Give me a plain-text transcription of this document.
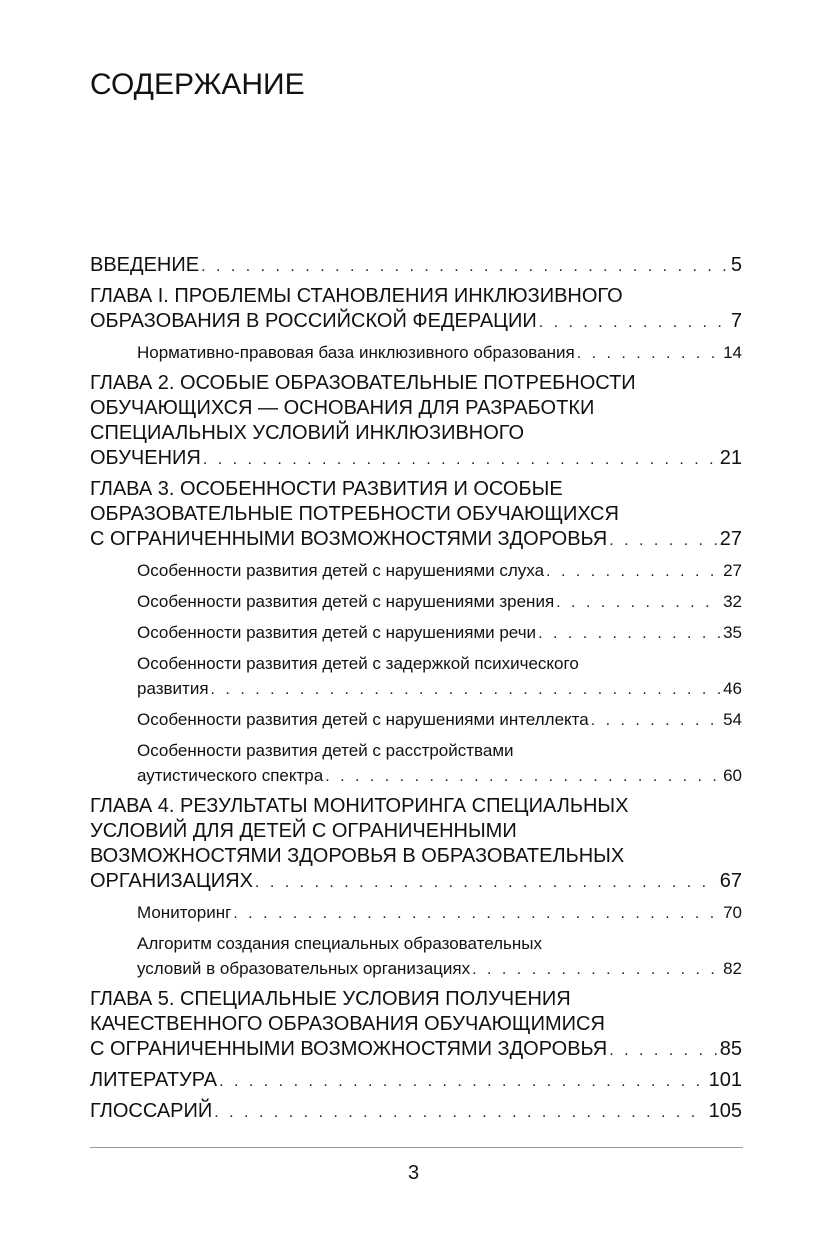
СОДЕРЖАНИЕ
ВВЕДЕНИЕ . . .	5
ГЛАВА I. ПРОБЛЕМЫ СТАНОВЛЕНИЯ ИНКЛЮЗИВНОГО
ОБРАЗОВАНИЯ В РОССИЙСКОЙ ФЕДЕРАЦИИ . . .	7
Нормативно-правовая база инклюзивного образования . . .	14
ГЛАВА 2. ОСОБЫЕ ОБРАЗОВАТЕЛЬНЫЕ ПОТРЕБНОСТИ
ОБУЧАЮЩИХСЯ — ОСНОВАНИЯ ДЛЯ РАЗРАБОТКИ
СПЕЦИАЛЬНЫХ УСЛОВИЙ ИНКЛЮЗИВНОГО
ОБУЧЕНИЯ . . .	21
ГЛАВА 3. ОСОБЕННОСТИ РАЗВИТИЯ И ОСОБЫЕ
ОБРАЗОВАТЕЛЬНЫЕ ПОТРЕБНОСТИ ОБУЧАЮЩИХСЯ
С ОГРАНИЧЕННЫМИ ВОЗМОЖНОСТЯМИ ЗДОРОВЬЯ . . .	27
Особенности развития детей с нарушениями слуха . . .	27
Особенности развития детей с нарушениями зрения . . .	32
Особенности развития детей с нарушениями речи . . .	35
Особенности развития детей с задержкой психического
развития . . .	46
Особенности развития детей с нарушениями интеллекта . . .	54
Особенности развития детей с расстройствами
аутистического спектра . . .	60
ГЛАВА 4. РЕЗУЛЬТАТЫ МОНИТОРИНГА СПЕЦИАЛЬНЫХ
УСЛОВИЙ ДЛЯ ДЕТЕЙ С ОГРАНИЧЕННЫМИ
ВОЗМОЖНОСТЯМИ ЗДОРОВЬЯ В ОБРАЗОВАТЕЛЬНЫХ
ОРГАНИЗАЦИЯХ . . .	67
Мониторинг . . .	70
Алгоритм создания специальных образовательных
условий в образовательных организациях . . .	82
ГЛАВА 5. СПЕЦИАЛЬНЫЕ УСЛОВИЯ ПОЛУЧЕНИЯ
КАЧЕСТВЕННОГО ОБРАЗОВАНИЯ ОБУЧАЮЩИМИСЯ
С ОГРАНИЧЕННЫМИ ВОЗМОЖНОСТЯМИ ЗДОРОВЬЯ . . .	85
ЛИТЕРАТУРА . . .	101
ГЛОССАРИЙ . . .	105
3
